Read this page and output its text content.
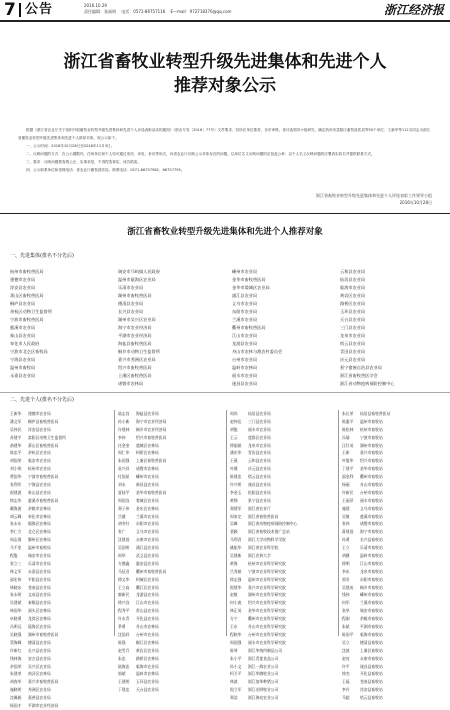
7 公告	2016.10.29
责任编辑：张福明 电话：0571-86757116 E—mail：972718370@qq.com	浙江经济报
浙江省畜牧业转型升级先进集体和先进个人
推荐对象公示

根据《浙江省农业厅关于组织开展畜牧业转型升级先进集体和先进个人评选表彰活动的通知》（浙农专发〔2016〕77号）文件要求，经所在单位推荐，各市审核，省评选领导小组研究，确定杭州市富阳区畜牧兽医局等50个单位、王新华等112名同志为浙江省畜牧业转型升级先进集体和先进个人推荐对象。现公示如下。

一、公示时间：2016年10月28日至2016年11月3日。

二、反映问题的方式：在公示期限内，任何单位和个人均可通过来信、来电、来访等形式，向省农业厅反映公示对象存在的问题。以单位名义反映问题的应加盖公章；以个人名义反映问题的应署真实姓名并提供联系方式。

三、要求：反映问题要客观公正、实事求是，不得捏造事实、诬告陷害。

四、公示联系单位和受理电话：省农业厅畜牧兽医局，联系电话：0571-86757982、86757795。

浙江省畜牧业转型升级先进集体和先进个人评选表彰工作领导小组
2016年10月28日
浙江省畜牧业转型升级先进集体和先进个人推荐对象
一、先进集体(排名不分先后)
杭州市畜牧兽医局
建德市农业局
淳安县农业局
萧山区畜牧兽医局
桐庐县农业局
余杭区动物卫生监督所
宁波市畜牧兽医局
慈溪市农业局
象山县农业局
奉化市人民政府
宁波市北仑区畜牧局
宁海县农业局
温州市畜牧局
永嘉县农业局
瑞安市马屿镇人民政府
温州市瓯海区农业局
乐清市农业局
湖州市畜牧兽医局
德清县农业局
长兴县农业局
湖州市吴兴区农业局
海宁市农业经济局
平湖市农业经济局
海盐县畜牧兽医局
桐乡市动物卫生监督所
嘉兴市秀洲区农业局
绍兴市畜牧兽医局
上虞区畜牧兽医局
诸暨市农林局
嵊州市农业局
金华市畜牧兽医局
金华市婺城区农业局
浦江县农业局
义乌市农业局
东阳市农业局
兰溪市农业局
衢州市畜牧兽医局
江山市农业局
龙游县农业局
舟山市农林与渔农村委员会
台州市农业局
温岭市农林局
丽水市农业局
遂昌县农业局
云和县农业局
仙居县农业局
临海市农业局
黄岩区农业局
路桥区农业局
玉环县农业局
天台县农业局
三门县农业局
龙泉市农业局
缙云县农业局
青田县农业局
庆元县农业局
景宁畲族自治县农业局
浙江省畜牧兽医学会
浙江省动物疫病预防控制中心
二、先进个人(排名不分先后)
王新华 建德市农业局
潘文军 桐庐县畜牧兽医局
吴伟民 淳安县农业局
苏建平 富阳区动物卫生监督所
俞建华 萧山区畜牧兽医局
陈忠平 余杭区农业局
胡国荣 临安市农业局
刘小明 杭州市农业局
费国华 宁波市畜牧兽医局
张利军 宁海县农业局
倪建波 象山县农业局
徐志华 慈溪市畜牧兽医局
戴海波 余姚市农林局
胡云峰 奉化市农林局
张永东 镇海区农林局
李仁方 北仑区农林局
周志强 鄞州区农林局
马千里 温州市畜牧局
程俊	瑞安市农业局
张立三 乐清市农业局
林义军 永嘉县农业局
邵宏伟 平阳县农业局
林晓东 苍南县农业局
张永明 文成县农业局
吴建斌 泰顺县农业局
林国华 洞头区农林局
卓晓勇 龙湾区农林局
冯明远 瓯海区农业局
吴晓强 湖州市畜牧兽医局
蔡海峰 德清县农业局
许新红 长兴县农业局
钱林海 安吉县农业局
余国荣 吴兴区农业局
朱建荣 南浔区农林局
胡春华 嘉兴市畜牧兽医局
施晓明 秀洲区农业局
沈佩娟 嘉善县农业局
杨国才 平湖市农业经济局
陆志良 海盐县农业局
孙小新 海宁市农业经济局
许建林 桐乡市农业经济局
李伟	绍兴市畜牧兽医局
任金奎 越城区农林局
周仁华 柯桥区农林局
朱国强 上虞区畜牧兽医局
袁兴祥 诸暨市农林局
付国星 嵊州市农业局
刘永	新昌县农业局
夏桂平 金华市畜牧兽医局
周国良 婺城区农业局
郑子伟 金东区农林局
吕健	兰溪市农业局
胡冬红 东阳市农业局
张广	义乌市农业局
沈建国 永康市农业局
吴国明 浦江县农业局
周华	武义县农业局
方德鑫 磐安县农业局
马征君 衢州市畜牧兽医局
徐文华 柯城区农业局
王立高 衢江区农业局
廖新民 龙游县农业局
徐兴良 江山市农业局
程秀平 常山县农业局
许永青 开化县农业局
季勇	舟山市农林局
沈国祥 台州市农业局
陈强	椒江区农林局
赵雪兵 黄岩区农业局
朱忠	路桥区农林局
陆海忠 临海市农业局
郭斌	温岭市农林局
王建明 玉环县农业局
丁建忠 天台县农业局
周尚	仙居县农业局
赵仲达 三门县农业局
胡俊	丽水市农业局
王云	莲都区农业局
徐丽娟 龙泉市农业局
潘庆华 青田县农业局
王燕	云和县农业局
叶健	庆元县农业局
陈建忠 缙云县农业局
许兴明 遂昌县农业局
李金玉 松阳县农业局
黄锦	景宁县农业局
郑建军 浙江省农业厅
周家定 浙江省畜牧兽医局
吴峰	浙江省动物疫病预防控制中心
裴颖	浙江省畜牧技术推广总站
马利君 浙江大学动物科学学院
姚振华 浙江省农业科学院
吴建新 浙江农林大学
黄海	杭州市农业科学研究院
吕秀娟 宁波市农业科学研究院
徐志强 温州市农业科学研究院
倪建华 嘉兴市农业科学研究院
赵敏	湖州市农业科学研究院
何小波 绍兴市农业科学研究院
林正英 金华市农业科学研究院
方宁	衢州市农业科学研究院
王东	舟山市农业科学研究院
程晓华 台州市农业科学研究院
周国强 丽水市农业科学研究院
陈琴	浙江华统肉制品公司
朱小平 浙江青莲食品公司
孙小文 浙江一海农业公司
柯卫平 浙江华腾牧业公司
林波	浙江加华种猪公司
倪立军 浙江光明牧业公司
郑浩	浙江海亮农业公司
朱长荣 仙居县畜牧兽医站
陈惠平 温州市畜牧站
陈松林 杭州市畜牧站
冯瑜	宁波市畜牧站
汪红英 湖州市畜牧站
王新	嘉兴市畜牧站
叶俊华 绍兴市畜牧站
丁建平 金华市畜牧站
邵金利 衢州市畜牧站
杨丽	舟山市畜牧站
许新民 台州市畜牧站
王丽萍 丽水市畜牧站
施建	义乌市畜牧站
吴敏	慈溪市畜牧站
张伟	诸暨市畜牧站
蒋建国 海宁市畜牧站
孙勇	长兴县畜牧站
王立	乐清市畜牧站
胡健	温岭市畜牧站
徐明	江山市畜牧站
李东	龙泉市畜牧站
郭芳	东阳市畜牧站
吴建成 桐乡市畜牧站
钱伟	嵊州市畜牧站
何军	兰溪市畜牧站
张华	瑞安市畜牧站
程刚	余姚市畜牧站
朱斌	平湖市畜牧站
陈国平 临海市畜牧站
吴立	德清县畜牧站
沈波	上虞区畜牧站
赵亮	永康市畜牧站
许平	遂昌县畜牧站
徐杰	开化县畜牧站
王磊	苍南县畜牧站
李丹	淳安县畜牧站
马超	缙云县畜牧站
